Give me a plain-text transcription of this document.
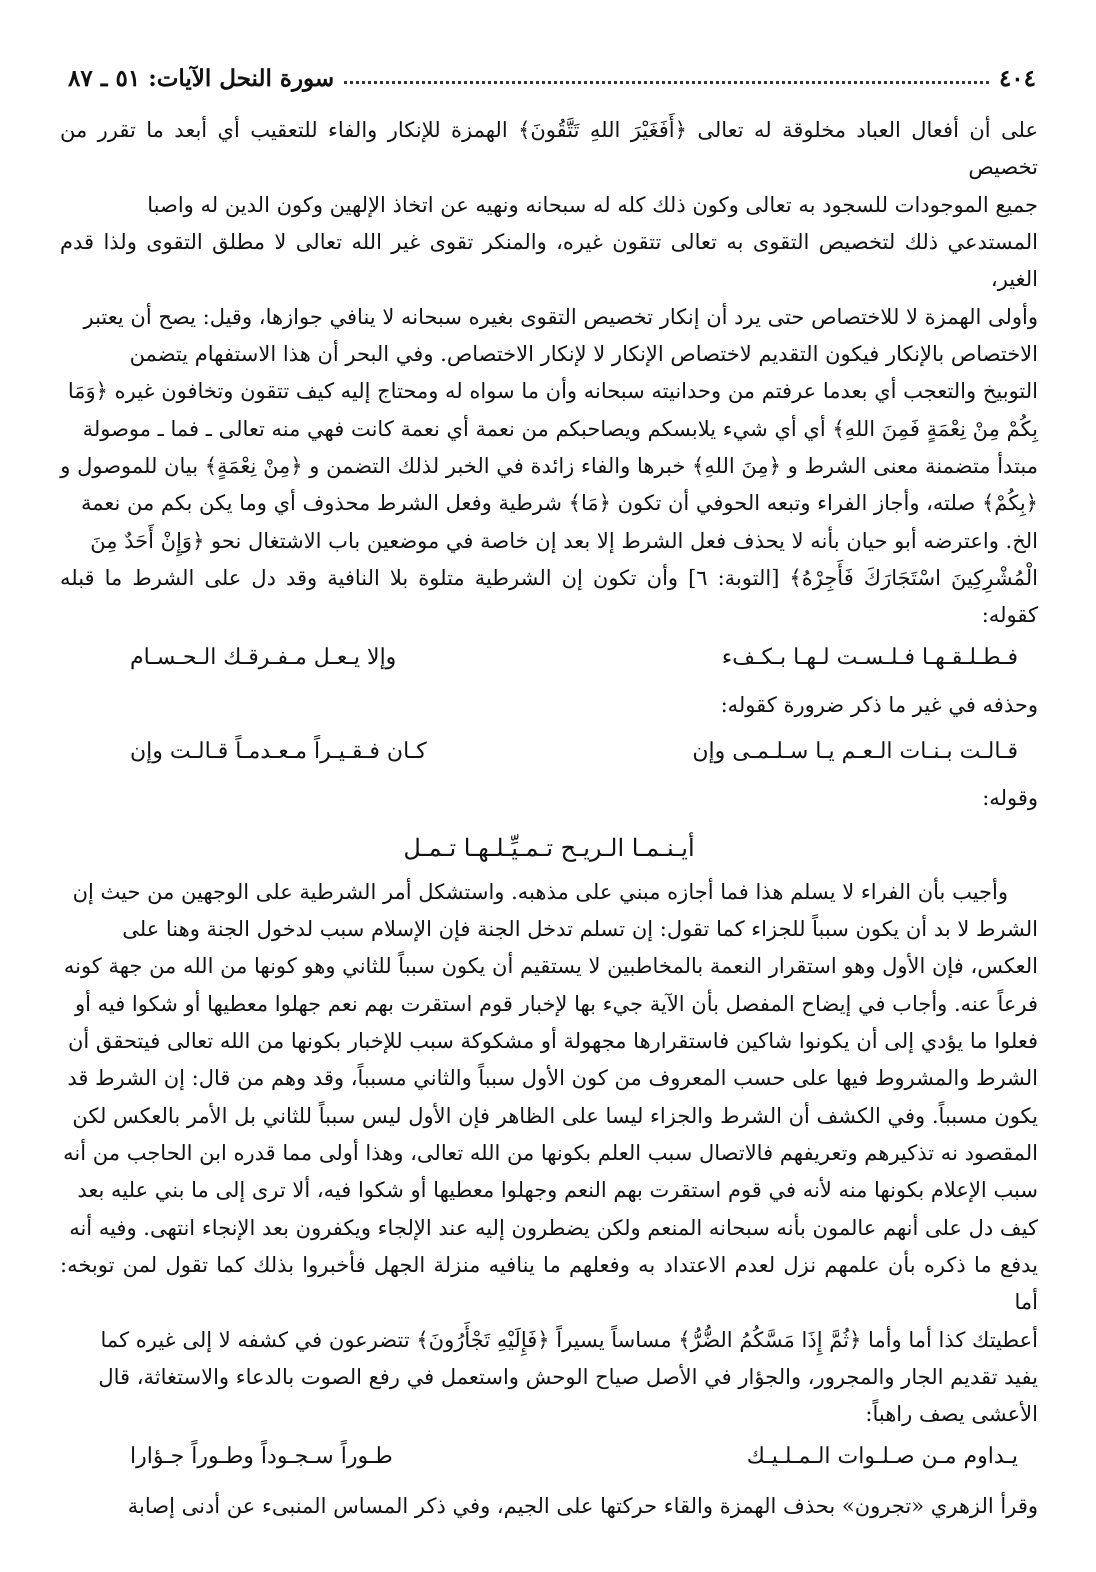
٤٠٤
سورة النحل الآيات: ٥١ ـ ٨٧

على أن أفعال العباد مخلوقة له تعالى ﴿أَفَغَيْرَ اللهِ تَتَّقُونَ﴾ الهمزة للإنكار والفاء للتعقيب أي أبعد ما تقرر من تخصيص

جميع الموجودات للسجود به تعالى وكون ذلك كله له سبحانه ونهيه عن اتخاذ الإلهين وكون الدين له واصبا

المستدعي ذلك لتخصيص التقوى به تعالى تتقون غيره، والمنكر تقوى غير الله تعالى لا مطلق التقوى ولذا قدم الغير،

وأولى الهمزة لا للاختصاص حتى يرد أن إنكار تخصيص التقوى بغيره سبحانه لا ينافي جوازها، وقيل: يصح أن يعتبر

الاختصاص بالإنكار فيكون التقديم لاختصاص الإنكار لا لإنكار الاختصاص. وفي البحر أن هذا الاستفهام يتضمن

التوبيخ والتعجب أي بعدما عرفتم من وحدانيته سبحانه وأن ما سواه له ومحتاج إليه كيف تتقون وتخافون غيره ﴿وَمَا

بِكُمْ مِنْ نِعْمَةٍ فَمِنَ اللهِ﴾ أي أي شيء يلابسكم ويصاحبكم من نعمة أي نعمة كانت فهي منه تعالى ـ فما ـ موصولة

مبتدأ متضمنة معنى الشرط و ﴿مِنَ اللهِ﴾ خبرها والفاء زائدة في الخبر لذلك التضمن و ﴿مِنْ نِعْمَةٍ﴾ بيان للموصول و

﴿بِكُمْ﴾ صلته، وأجاز الفراء وتبعه الحوفي أن تكون ﴿مَا﴾ شرطية وفعل الشرط محذوف أي وما يكن بكم من نعمة

الخ. واعترضه أبو حيان بأنه لا يحذف فعل الشرط إلا بعد إن خاصة في موضعين باب الاشتغال نحو ﴿وَإِنْ أَحَدٌ مِنَ

الْمُشْرِكِينَ اسْتَجَارَكَ فَأَجِرْهُ﴾ [التوبة: ٦] وأن تكون إن الشرطية متلوة بلا النافية وقد دل على الشرط ما قبله كقوله:

فـطـلـقـهـا فـلـسـت لـهـا بـكـفء
وإلا يـعـل مـفـرقـك الـحـسـام

وحذفه في غير ما ذكر ضرورة كقوله:

قـالـت بـنـات الـعـم يـا سـلـمـى وإن
كـان فـقـيـراً مـعـدمـاً قـالـت وإن

وقوله:

أيـنـمـا الـريـح تـمـيِّـلـهـا تـمـل

وأجيب بأن الفراء لا يسلم هذا فما أجازه مبني على مذهبه. واستشكل أمر الشرطية على الوجهين من حيث إن

الشرط لا بد أن يكون سبباً للجزاء كما تقول: إن تسلم تدخل الجنة فإن الإسلام سبب لدخول الجنة وهنا على

العكس، فإن الأول وهو استقرار النعمة بالمخاطبين لا يستقيم أن يكون سبباً للثاني وهو كونها من الله من جهة كونه

فرعاً عنه. وأجاب في إيضاح المفصل بأن الآية جيء بها لإخبار قوم استقرت بهم نعم جهلوا معطيها أو شكوا فيه أو

فعلوا ما يؤدي إلى أن يكونوا شاكين فاستقرارها مجهولة أو مشكوكة سبب للإخبار بكونها من الله تعالى فيتحقق أن

الشرط والمشروط فيها على حسب المعروف من كون الأول سبباً والثاني مسبباً، وقد وهم من قال: إن الشرط قد

يكون مسبباً. وفي الكشف أن الشرط والجزاء ليسا على الظاهر فإن الأول ليس سبباً للثاني بل الأمر بالعكس لكن

المقصود نه تذكيرهم وتعريفهم فالاتصال سبب العلم بكونها من الله تعالى، وهذا أولى مما قدره ابن الحاجب من أنه

سبب الإعلام بكونها منه لأنه في قوم استقرت بهم النعم وجهلوا معطيها أو شكوا فيه، ألا ترى إلى ما بني عليه بعد

كيف دل على أنهم عالمون بأنه سبحانه المنعم ولكن يضطرون إليه عند الإلجاء ويكفرون بعد الإنجاء انتهى. وفيه أنه

يدفع ما ذكره بأن علمهم نزل لعدم الاعتداد به وفعلهم ما ينافيه منزلة الجهل فأخبروا بذلك كما تقول لمن توبخه: أما

أعطيتك كذا أما وأما ﴿ثُمَّ إِذَا مَسَّكُمُ الضُّرُّ﴾ مساساً يسيراً ﴿فَإِلَيْهِ تَجْأَرُونَ﴾ تتضرعون في كشفه لا إلى غيره كما

يفيد تقديم الجار والمجرور، والجؤار في الأصل صياح الوحش واستعمل في رفع الصوت بالدعاء والاستغاثة، قال

الأعشى يصف راهباً:

يـداوم مـن صـلـوات الـمـلـيـك
طـوراً سـجـوداً وطـوراً جـؤارا

وقرأ الزهري «تجرون» بحذف الهمزة والقاء حركتها على الجيم، وفي ذكر المساس المنبىء عن أدنى إصابة
